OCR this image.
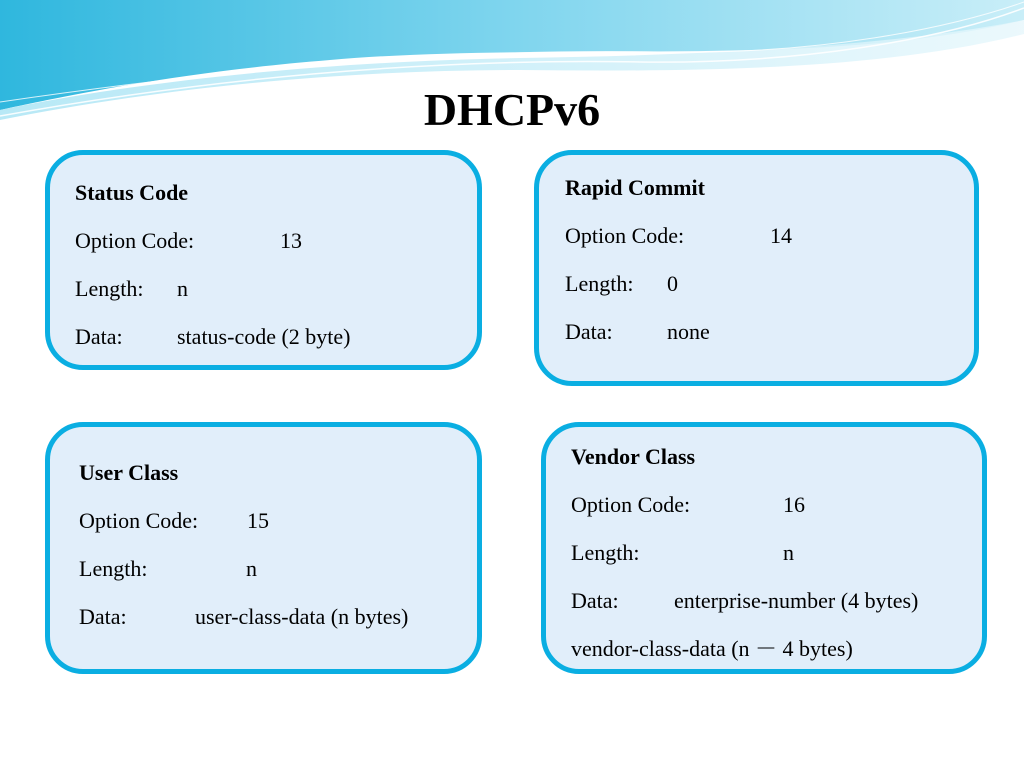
DHCPv6
Status Code
Option Code:	13
Length: n
Data: status-code (2 byte)
Rapid Commit
Option Code:	14
Length: 0
Data: none
User Class
Option Code: 15
Length:	n
Data:	user-class-data (n bytes)
Vendor Class
Option Code:	16
Length:	n
Data:	enterprise-number (4 bytes)
vendor-class-data (n － 4 bytes)
